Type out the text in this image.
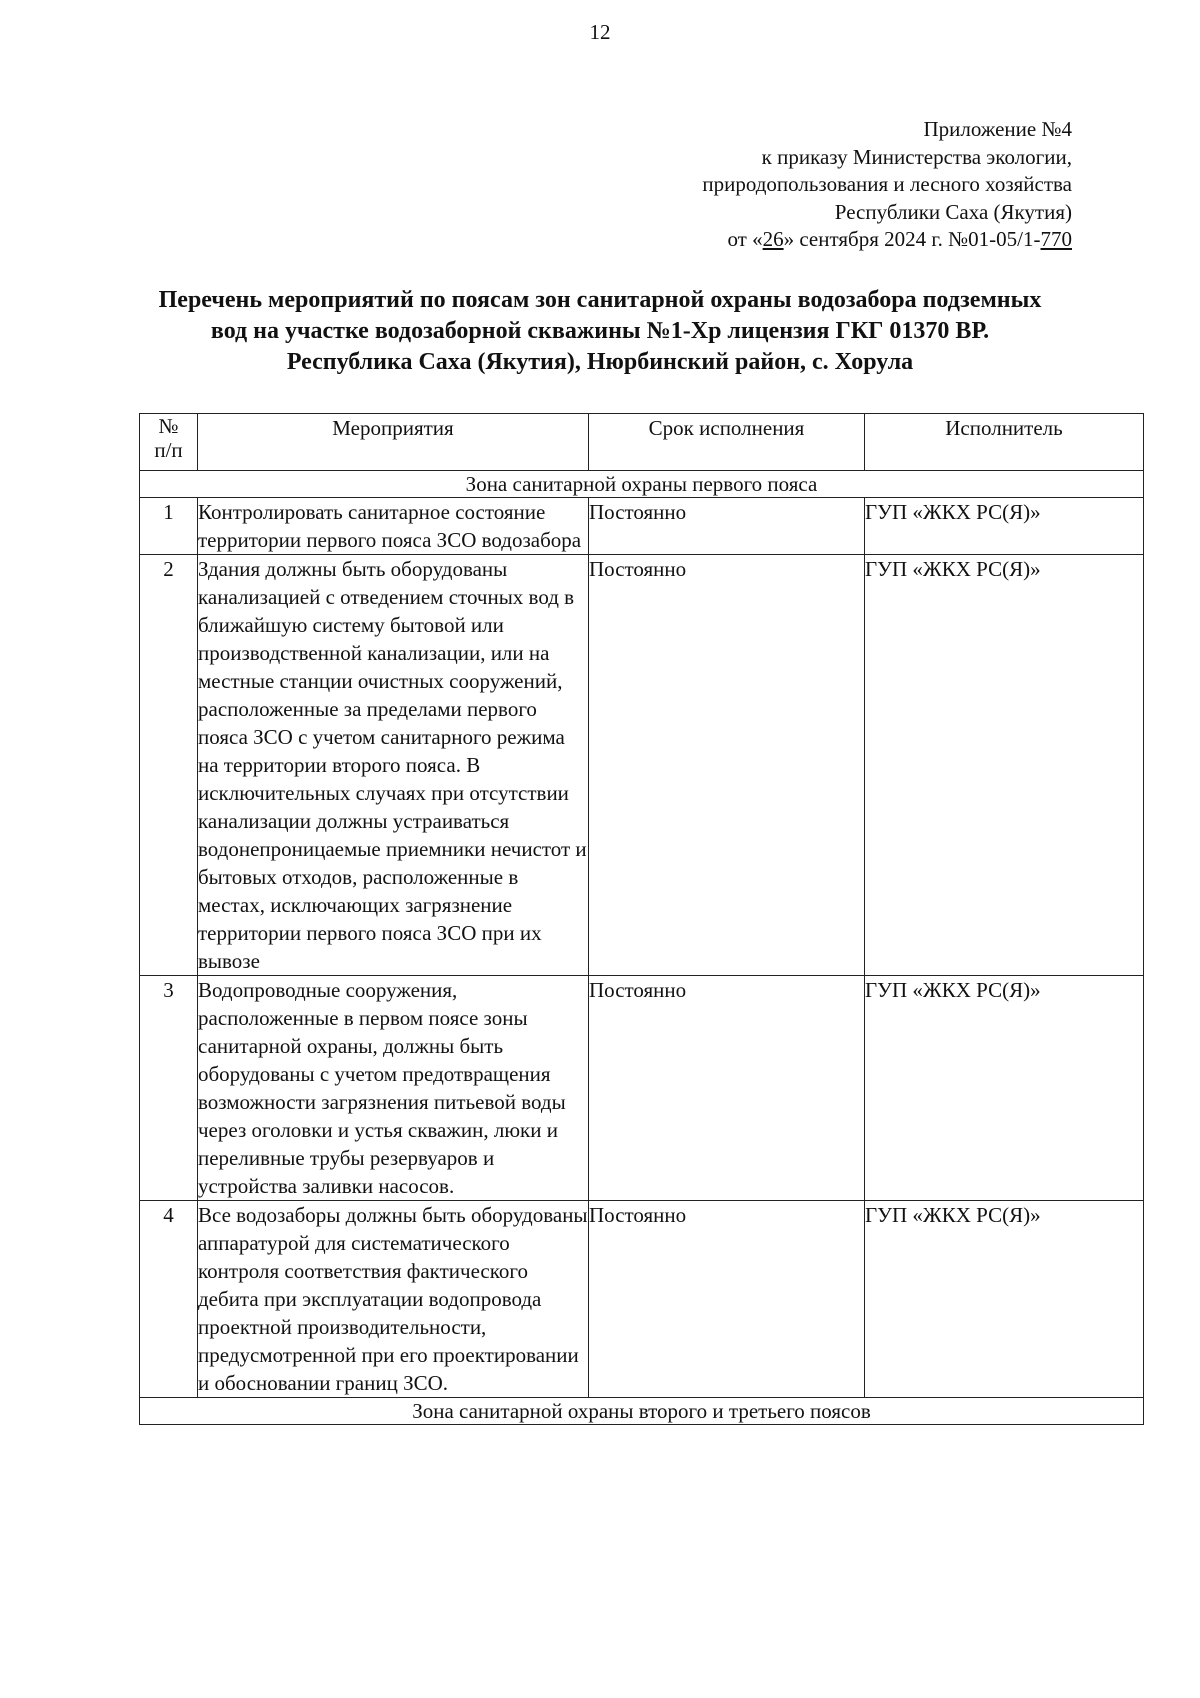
12
Приложение №4
к приказу Министерства экологии,
природопользования и лесного хозяйства
Республики Саха (Якутия)
от «26» сентября 2024 г. №01-05/1-770
Перечень мероприятий по поясам зон санитарной охраны водозабора подземных
вод на участке водозаборной скважины №1-Хр лицензия ГКГ 01370 ВР.
Республика Саха (Якутия), Нюрбинский район, с. Хорула
№
п/п	Мероприятия	Срок исполнения	Исполнитель
Зона санитарной охраны первого пояса			
1	Контролировать санитарное состояние территории первого пояса ЗСО водозабора	Постоянно	ГУП «ЖКХ РС(Я)»
2	Здания должны быть оборудованы канализацией с отведением сточных вод в ближайшую систему бытовой или производственной канализации, или на местные станции очистных сооружений, расположенные за пределами первого пояса ЗСО с учетом санитарного режима на территории второго пояса. В исключительных случаях при отсутствии канализации должны устраиваться водонепроницаемые приемники нечистот и бытовых отходов, расположенные в местах, исключающих загрязнение территории первого пояса ЗСО при их вывозе	Постоянно	ГУП «ЖКХ РС(Я)»
3	Водопроводные сооружения, расположенные в первом поясе зоны санитарной охраны, должны быть оборудованы с учетом предотвращения возможности загрязнения питьевой воды через оголовки и устья скважин, люки и переливные трубы резервуаров и устройства заливки насосов.	Постоянно	ГУП «ЖКХ РС(Я)»
4	Все водозаборы должны быть оборудованы аппаратурой для систематического контроля соответствия фактического дебита при эксплуатации водопровода проектной производительности, предусмотренной при его проектировании и обосновании границ ЗСО.	Постоянно	ГУП «ЖКХ РС(Я)»
Зона санитарной охраны второго и третьего поясов			
